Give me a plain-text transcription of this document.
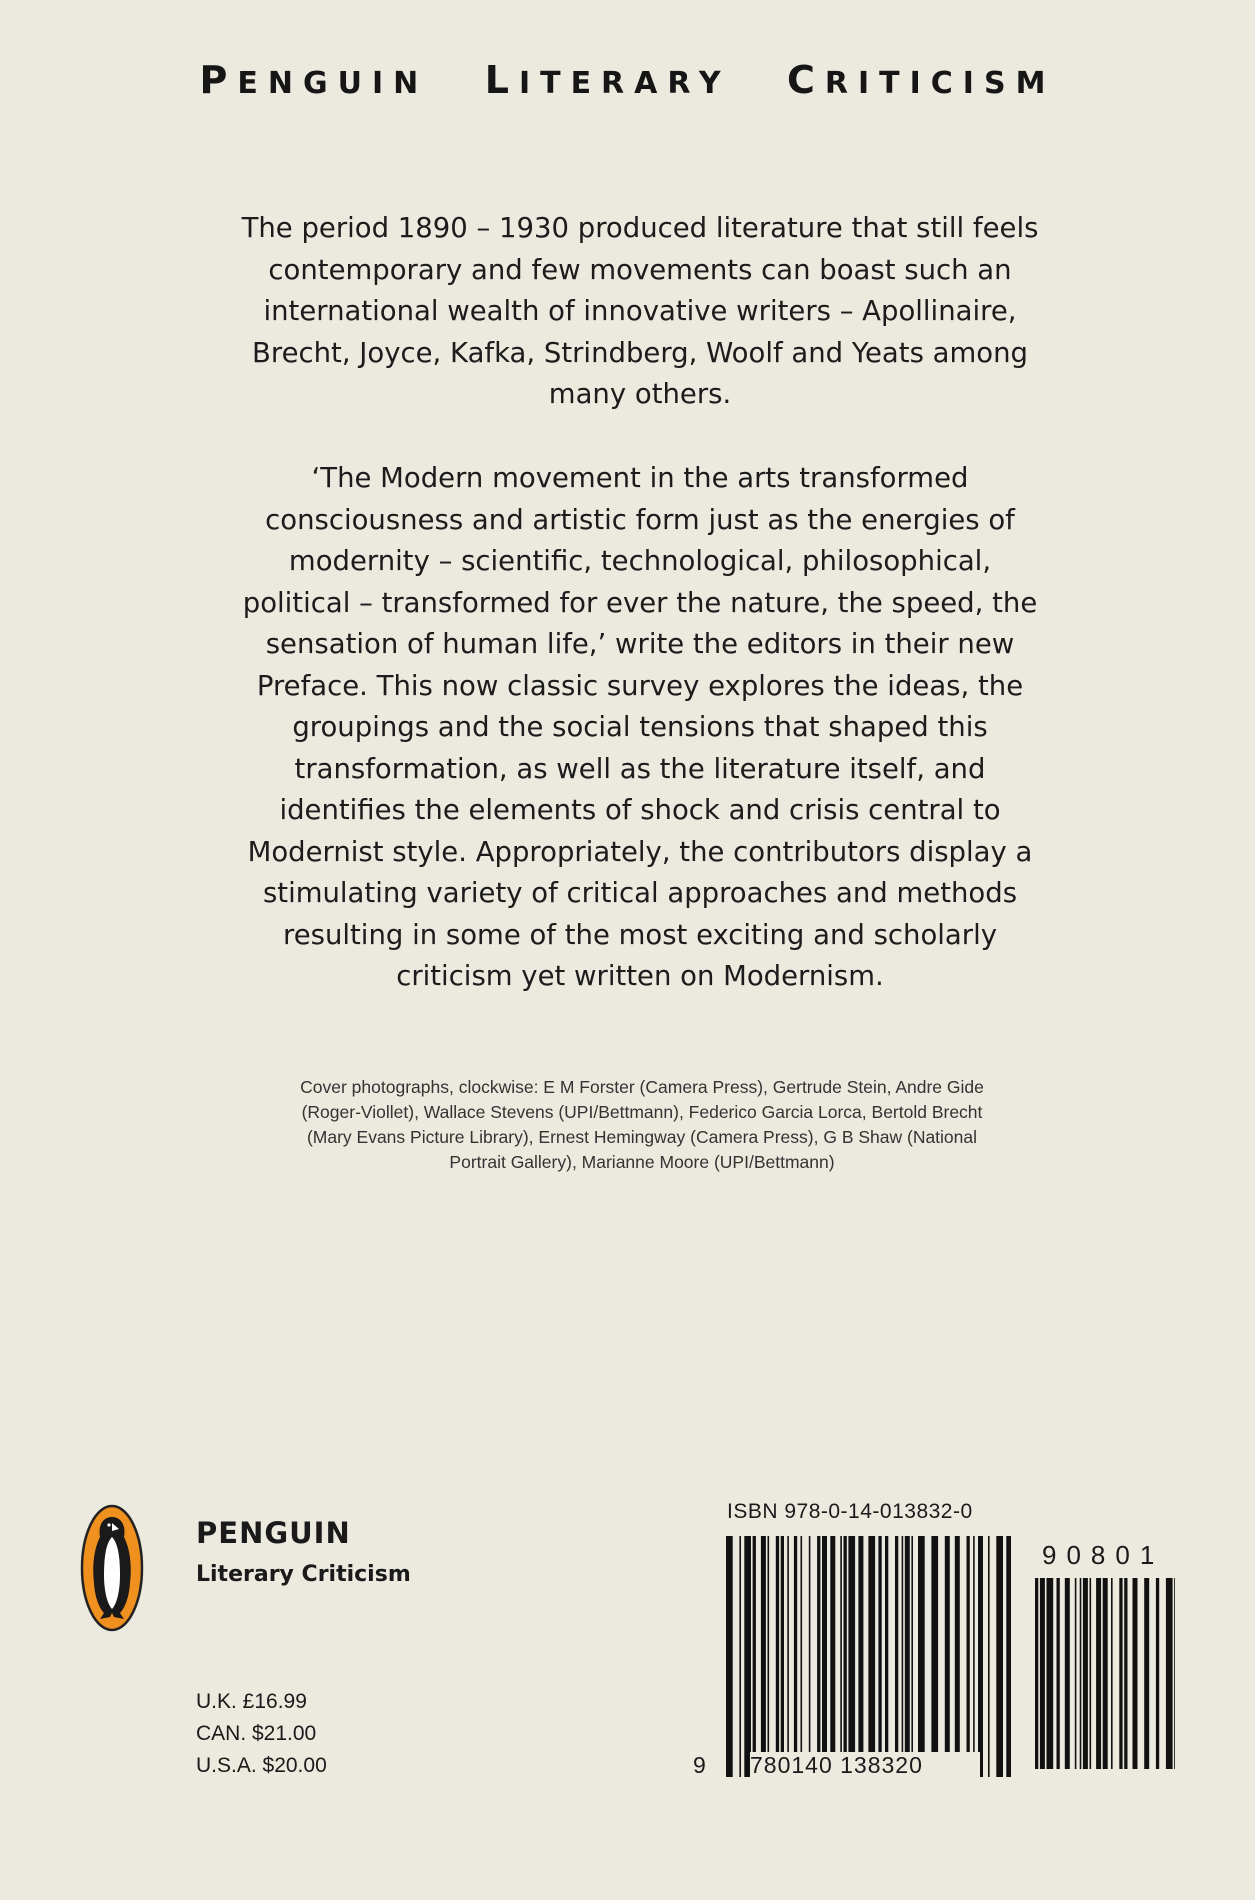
PENGUIN LITERARY CRITICISM
The period 1890 – 1930 produced literature that still feels
contemporary and few movements can boast such an
international wealth of innovative writers – Apollinaire,
Brecht, Joyce, Kafka, Strindberg, Woolf and Yeats among
many others.
‘The Modern movement in the arts transformed
consciousness and artistic form just as the energies of
modernity – scientific, technological, philosophical,
political – transformed for ever the nature, the speed, the
sensation of human life,’ write the editors in their new
Preface. This now classic survey explores the ideas, the
groupings and the social tensions that shaped this
transformation, as well as the literature itself, and
identifies the elements of shock and crisis central to
Modernist style. Appropriately, the contributors display a
stimulating variety of critical approaches and methods
resulting in some of the most exciting and scholarly
criticism yet written on Modernism.
Cover photographs, clockwise: E M Forster (Camera Press), Gertrude Stein, Andre Gide
(Roger-Viollet), Wallace Stevens (UPI/Bettmann), Federico Garcia Lorca, Bertold Brecht
(Mary Evans Picture Library), Ernest Hemingway (Camera Press), G B Shaw (National
Portrait Gallery), Marianne Moore (UPI/Bettmann)
PENGUIN
Literary Criticism
U.K. £16.99
CAN. $21.00
U.S.A. $20.00
ISBN 978-0-14-013832-0
9 780140 138320
90801
